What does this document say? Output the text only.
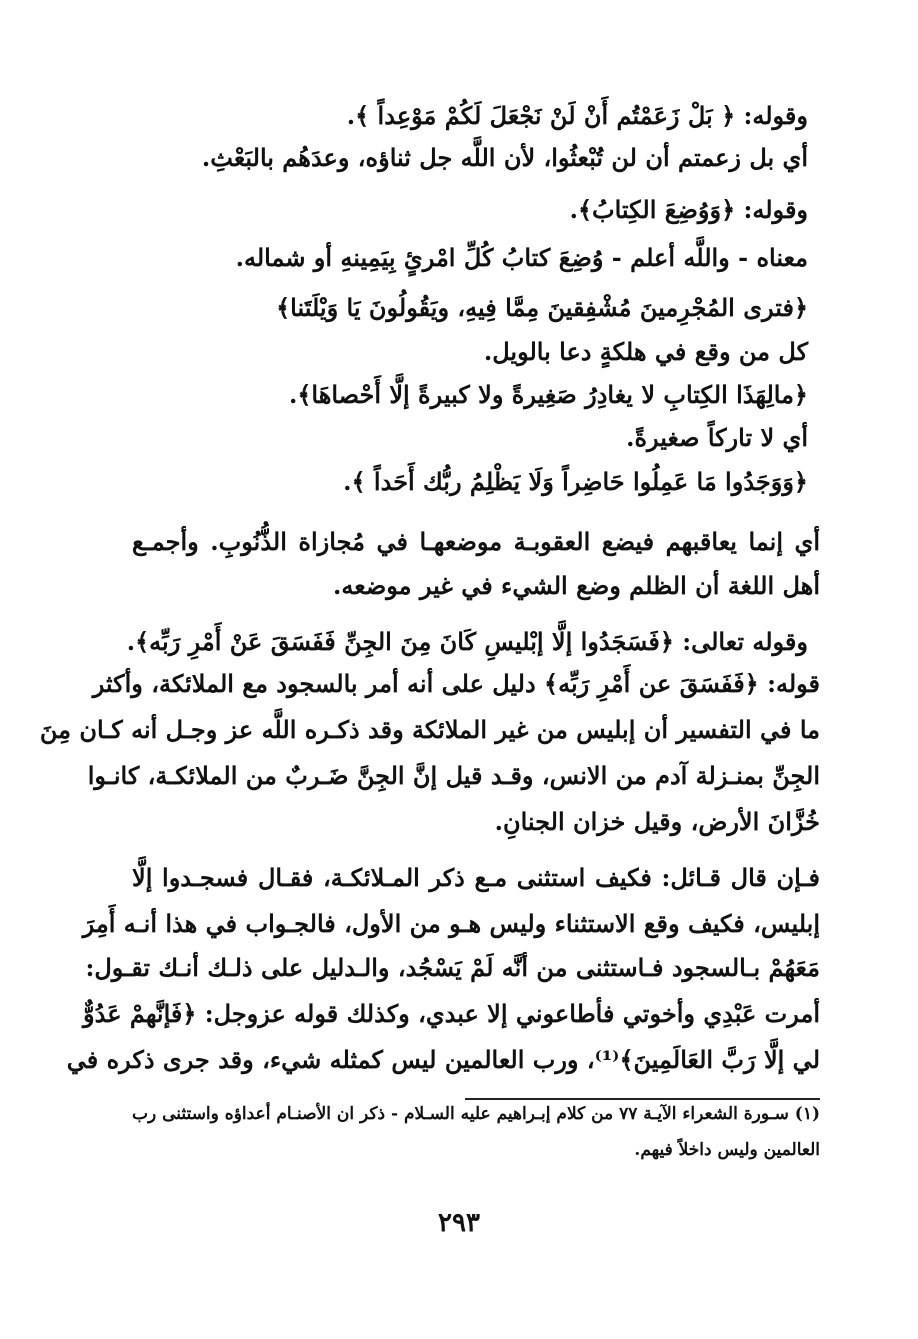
وقوله: ﴿ بَلْ زَعَمْتُم أَنْ لَنْ نَجْعَلَ لَكُمْ مَوْعِداً ﴾.
أي بل زعمتم أن لن تُبْعثُوا، لأن اللَّه جل ثناؤه، وعدَهُم بالبَعْثِ.
وقوله: ﴿وَوُضِعَ الكِتابُ﴾.
معناه - واللَّه أعلم - وُضِعَ كتابُ كُلِّ امْرئٍ بِيَمِينهِ أو شماله.
﴿فترى المُجْرِمينَ مُشْفِقينَ مِمَّا فِيهِ، ويَقُولُونَ يَا وَيْلَتَنا﴾
كل من وقع في هلكةٍ دعا بالويل.
﴿مالِهَذَا الكِتابِ لا يغادِرُ صَغِيرةً ولا كبيرةً إلَّا أَحْصاهَا﴾.
أي لا تاركاً صغيرةً.
﴿وَوَجَدُوا مَا عَمِلُوا حَاضِراً وَلَا يَظْلِمُ ربُّك أَحَداً ﴾.
أي إنما يعاقبهم فيضع العقوبـة موضعهـا في مُجازاة الذُّنُوبِ. وأجمـع
أهل اللغة أن الظلم وضع الشيء في غير موضعه.
وقوله تعالى: ﴿فَسَجَدُوا إلَّا إبْليسِ كَانَ مِنَ الجِنِّ فَفَسَقَ عَنْ أَمْرِ رَبِّه﴾.
قوله: ﴿فَفَسَقَ عن أَمْرِ رَبِّه﴾ دليل على أنه أمر بالسجود مع الملائكة، وأكثر
ما في التفسير أن إبليس من غير الملائكة وقد ذكـره اللَّه عز وجـل أنه كـان مِنَ
الجِنِّ بمنـزلة آدم من الانس، وقـد قيل إنَّ الجِنَّ ضَـربٌ من الملائكـة، كانـوا
خُزَّانَ الأرض، وقيل خزان الجنانِ.
فـإن قال قـائل: فكيف استثنى مـع ذكر المـلائكـة، فقـال فسجـدوا إلَّا
إبليس، فكيف وقع الاستثناء وليس هـو من الأول، فالجـواب في هذا أنـه أَمِرَ
مَعَهُمْ بـالسجود فـاستثنى من أنَّه لَمْ يَسْجُد، والـدليل على ذلـك أنـك تقـول:
أمرت عَبْدِي وأخوتي فأطاعوني إلا عبدي، وكذلك قوله عزوجل: ﴿فَإنَّهمْ عَدُوٌّ
لي إلَّا رَبَّ العَالَمِينَ﴾⁽¹⁾، ورب العالمين ليس كمثله شيء، وقد جرى ذكره في
(١) سـورة الشعراء الآيـة ٧٧ من كلام إبـراهيم عليه السـلام - ذكر ان الأصنـام أعداؤه واستثنى رب
العالمين وليس داخلاً فيهم.
٢٩٣
